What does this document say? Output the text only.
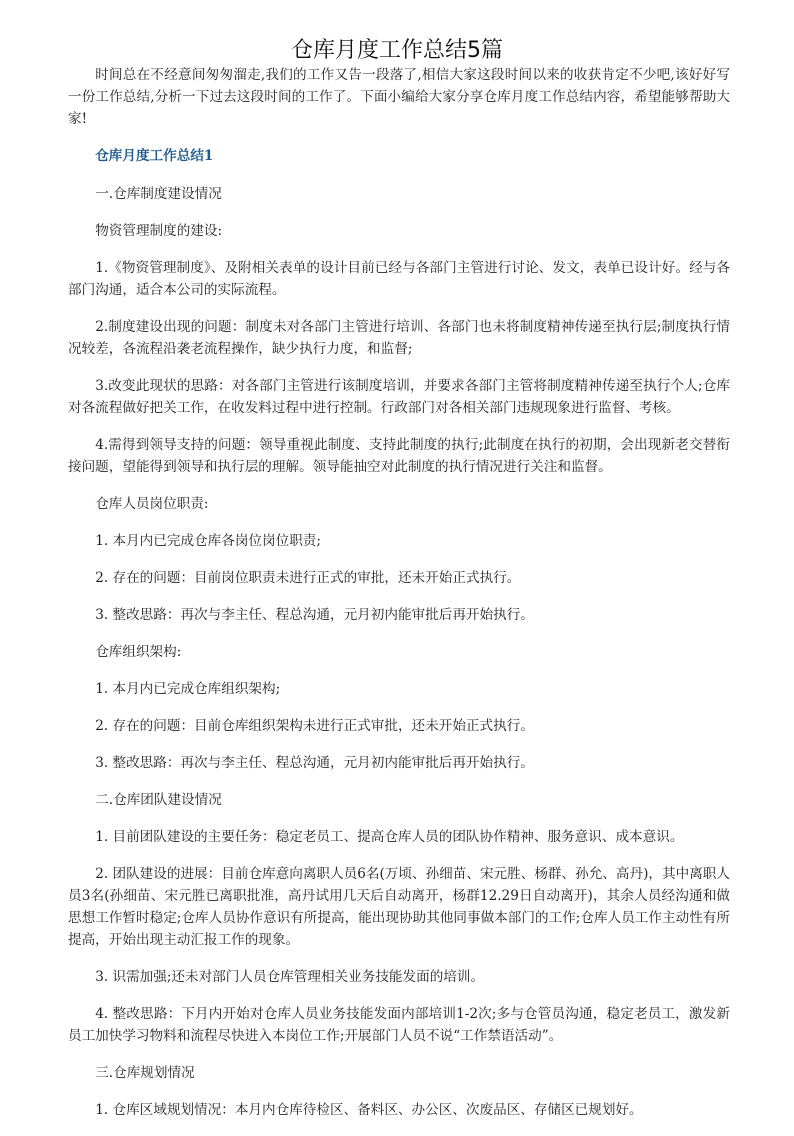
仓库月度工作总结5篇

时间总在不经意间匆匆溜走,我们的工作又告一段落了,相信大家这段时间以来的收获肯定不少吧,该好好写一份工作总结,分析一下过去这段时间的工作了。下面小编给大家分享仓库月度工作总结内容，希望能够帮助大家!

仓库月度工作总结1

一.仓库制度建设情况

物资管理制度的建设:

1.《物资管理制度》、及附相关表单的设计目前已经与各部门主管进行讨论、发文，表单已设计好。经与各部门沟通，适合本公司的实际流程。

2.制度建设出现的问题：制度未对各部门主管进行培训、各部门也未将制度精神传递至执行层;制度执行情况较差，各流程沿袭老流程操作，缺少执行力度，和监督;

3.改变此现状的思路：对各部门主管进行该制度培训，并要求各部门主管将制度精神传递至执行个人;仓库对各流程做好把关工作，在收发料过程中进行控制。行政部门对各相关部门违规现象进行监督、考核。

4.需得到领导支持的问题：领导重视此制度、支持此制度的执行;此制度在执行的初期，会出现新老交替衔接问题，望能得到领导和执行层的理解。领导能抽空对此制度的执行情况进行关注和监督。

仓库人员岗位职责:

1. 本月内已完成仓库各岗位岗位职责;

2. 存在的问题：目前岗位职责未进行正式的审批，还未开始正式执行。

3. 整改思路：再次与李主任、程总沟通，元月初内能审批后再开始执行。

仓库组织架构:

1. 本月内已完成仓库组织架构;

2. 存在的问题：目前仓库组织架构未进行正式审批，还未开始正式执行。

3. 整改思路：再次与李主任、程总沟通，元月初内能审批后再开始执行。

二.仓库团队建设情况

1. 目前团队建设的主要任务：稳定老员工、提高仓库人员的团队协作精神、服务意识、成本意识。

2. 团队建设的进展：目前仓库意向离职人员6名(万顷、孙细苗、宋元胜、杨群、孙允、高丹)，其中离职人员3名(孙细苗、宋元胜已离职批准，高丹试用几天后自动离开，杨群12.29日自动离开)，其余人员经沟通和做思想工作暂时稳定;仓库人员协作意识有所提高，能出现协助其他同事做本部门的工作;仓库人员工作主动性有所提高，开始出现主动汇报工作的现象。

3. 识需加强;还未对部门人员仓库管理相关业务技能发面的培训。

4. 整改思路：下月内开始对仓库人员业务技能发面内部培训1-2次;多与仓管员沟通，稳定老员工，激发新员工加快学习物料和流程尽快进入本岗位工作;开展部门人员不说“工作禁语活动”。

三.仓库规划情况

1. 仓库区域规划情况：本月内仓库待检区、备料区、办公区、次废品区、存储区已规划好。
